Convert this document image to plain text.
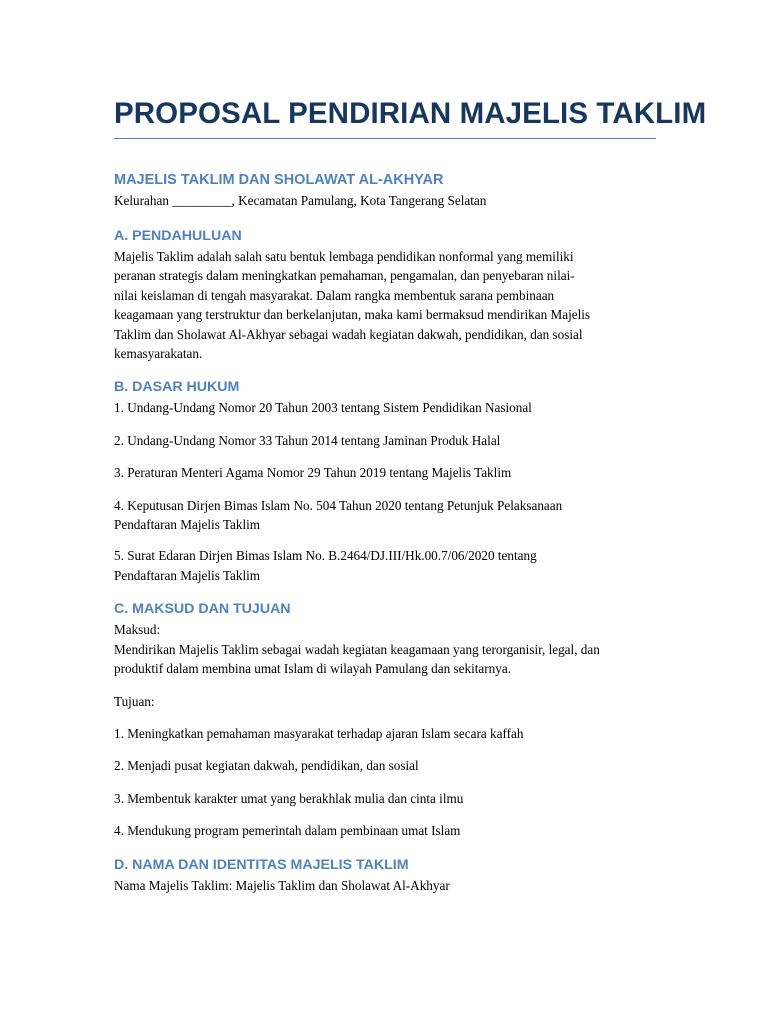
PROPOSAL PENDIRIAN MAJELIS TAKLIM
MAJELIS TAKLIM DAN SHOLAWAT AL-AKHYAR
Kelurahan _________, Kecamatan Pamulang, Kota Tangerang Selatan
A. PENDAHULUAN
Majelis Taklim adalah salah satu bentuk lembaga pendidikan nonformal yang memiliki
peranan strategis dalam meningkatkan pemahaman, pengamalan, dan penyebaran nilai-
nilai keislaman di tengah masyarakat. Dalam rangka membentuk sarana pembinaan
keagamaan yang terstruktur dan berkelanjutan, maka kami bermaksud mendirikan Majelis
Taklim dan Sholawat Al-Akhyar sebagai wadah kegiatan dakwah, pendidikan, dan sosial
kemasyarakatan.
B. DASAR HUKUM
1. Undang-Undang Nomor 20 Tahun 2003 tentang Sistem Pendidikan Nasional
2. Undang-Undang Nomor 33 Tahun 2014 tentang Jaminan Produk Halal
3. Peraturan Menteri Agama Nomor 29 Tahun 2019 tentang Majelis Taklim
4. Keputusan Dirjen Bimas Islam No. 504 Tahun 2020 tentang Petunjuk Pelaksanaan
Pendaftaran Majelis Taklim
5. Surat Edaran Dirjen Bimas Islam No. B.2464/DJ.III/Hk.00.7/06/2020 tentang
Pendaftaran Majelis Taklim
C. MAKSUD DAN TUJUAN
Maksud:
Mendirikan Majelis Taklim sebagai wadah kegiatan keagamaan yang terorganisir, legal, dan
produktif dalam membina umat Islam di wilayah Pamulang dan sekitarnya.
Tujuan:
1. Meningkatkan pemahaman masyarakat terhadap ajaran Islam secara kaffah
2. Menjadi pusat kegiatan dakwah, pendidikan, dan sosial
3. Membentuk karakter umat yang berakhlak mulia dan cinta ilmu
4. Mendukung program pemerintah dalam pembinaan umat Islam
D. NAMA DAN IDENTITAS MAJELIS TAKLIM
Nama Majelis Taklim: Majelis Taklim dan Sholawat Al-Akhyar
